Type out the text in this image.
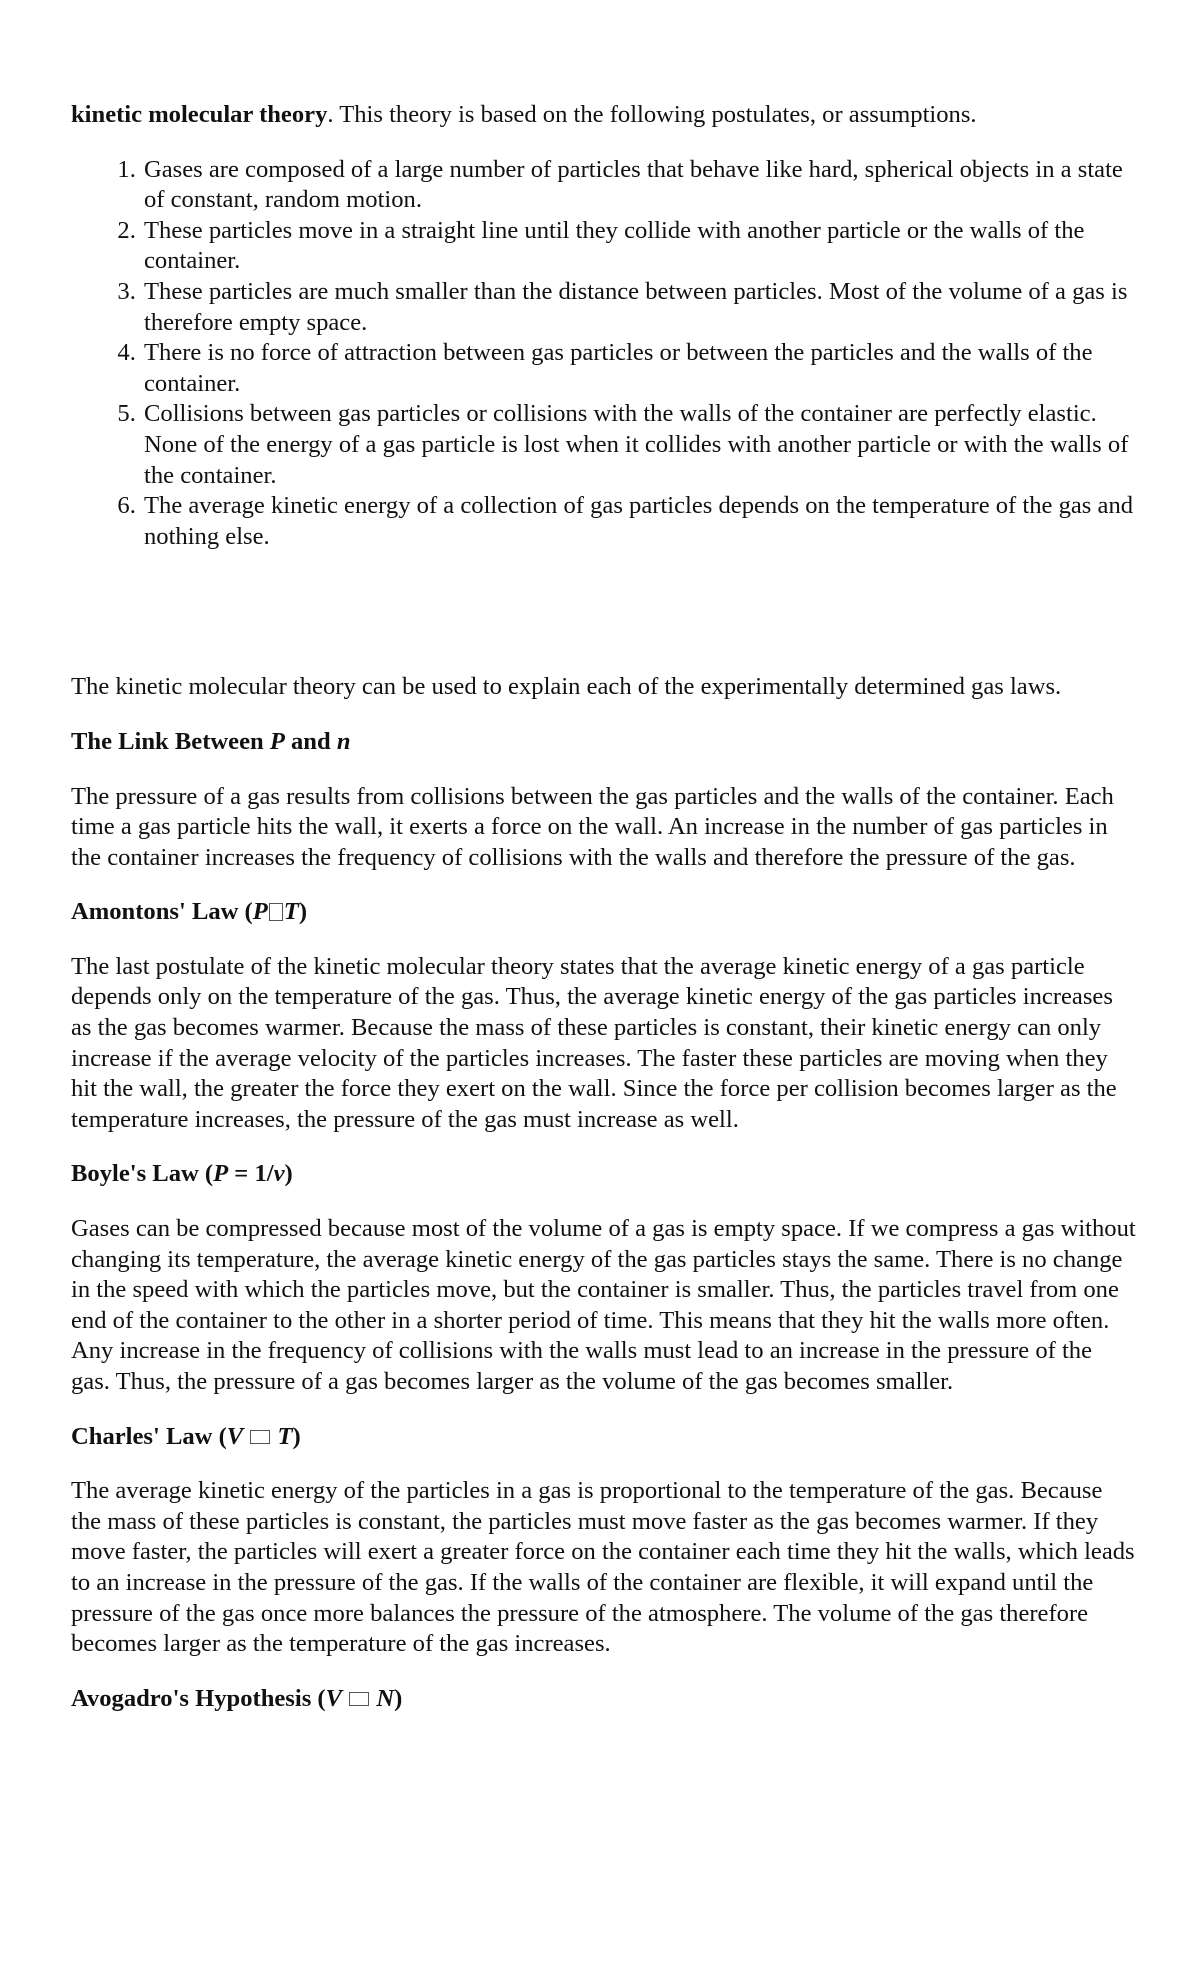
kinetic molecular theory. This theory is based on the following postulates, or assumptions.

1. Gases are composed of a large number of particles that behave like hard, spherical objects in a state of constant, random motion.
2. These particles move in a straight line until they collide with another particle or the walls of the container.
3. These particles are much smaller than the distance between particles. Most of the volume of a gas is therefore empty space.
4. There is no force of attraction between gas particles or between the particles and the walls of the container.
5. Collisions between gas particles or collisions with the walls of the container are perfectly elastic. None of the energy of a gas particle is lost when it collides with another particle or with the walls of the container.
6. The average kinetic energy of a collection of gas particles depends on the temperature of the gas and nothing else.

The kinetic molecular theory can be used to explain each of the experimentally determined gas laws.

The Link Between P and n

The pressure of a gas results from collisions between the gas particles and the walls of the container. Each time a gas particle hits the wall, it exerts a force on the wall. An increase in the number of gas particles in the container increases the frequency of collisions with the walls and therefore the pressure of the gas.

Amontons' Law (P T)

The last postulate of the kinetic molecular theory states that the average kinetic energy of a gas particle depends only on the temperature of the gas. Thus, the average kinetic energy of the gas particles increases as the gas becomes warmer. Because the mass of these particles is constant, their kinetic energy can only increase if the average velocity of the particles increases. The faster these particles are moving when they hit the wall, the greater the force they exert on the wall. Since the force per collision becomes larger as the temperature increases, the pressure of the gas must increase as well.

Boyle's Law (P = 1/v)

Gases can be compressed because most of the volume of a gas is empty space. If we compress a gas without changing its temperature, the average kinetic energy of the gas particles stays the same. There is no change in the speed with which the particles move, but the container is smaller. Thus, the particles travel from one end of the container to the other in a shorter period of time. This means that they hit the walls more often. Any increase in the frequency of collisions with the walls must lead to an increase in the pressure of the gas. Thus, the pressure of a gas becomes larger as the volume of the gas becomes smaller.

Charles' Law (V T)

The average kinetic energy of the particles in a gas is proportional to the temperature of the gas. Because the mass of these particles is constant, the particles must move faster as the gas becomes warmer. If they move faster, the particles will exert a greater force on the container each time they hit the walls, which leads to an increase in the pressure of the gas. If the walls of the container are flexible, it will expand until the pressure of the gas once more balances the pressure of the atmosphere. The volume of the gas therefore becomes larger as the temperature of the gas increases.

Avogadro's Hypothesis (V N)
